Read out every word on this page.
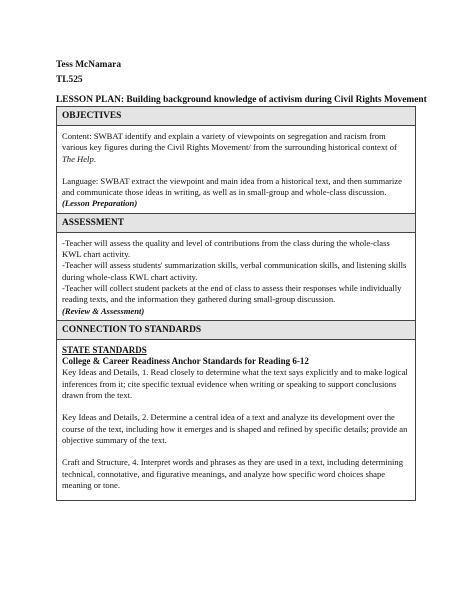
Tess McNamara
TL525
LESSON PLAN: Building background knowledge of activism during Civil Rights Movement
OBJECTIVES

Content: SWBAT identify and explain a variety of viewpoints on segregation and racism from various key figures during the Civil Rights Movement/ from the surrounding historical context of The Help.

Language: SWBAT extract the viewpoint and main idea from a historical text, and then summarize and communicate those ideas in writing, as well as in small-group and whole-class discussion.

(Lesson Preparation)

ASSESSMENT

-Teacher will assess the quality and level of contributions from the class during the whole-class KWL chart activity.

-Teacher will assess students' summarization skills, verbal communication skills, and listening skills during whole-class KWL chart activity.

-Teacher will collect student packets at the end of class to assess their responses while individually reading texts, and the information they gathered during small-group discussion.

(Review & Assessment)

CONNECTION TO STANDARDS

STATE STANDARDS

College & Career Readiness Anchor Standards for Reading 6-12

Key Ideas and Details, 1. Read closely to determine what the text says explicitly and to make logical inferences from it; cite specific textual evidence when writing or speaking to support conclusions drawn from the text.

Key Ideas and Details, 2. Determine a central idea of a text and analyze its development over the course of the text, including how it emerges and is shaped and refined by specific details; provide an objective summary of the text.

Craft and Structure, 4. Interpret words and phrases as they are used in a text, including determining technical, connotative, and figurative meanings, and analyze how specific word choices shape meaning or tone.
